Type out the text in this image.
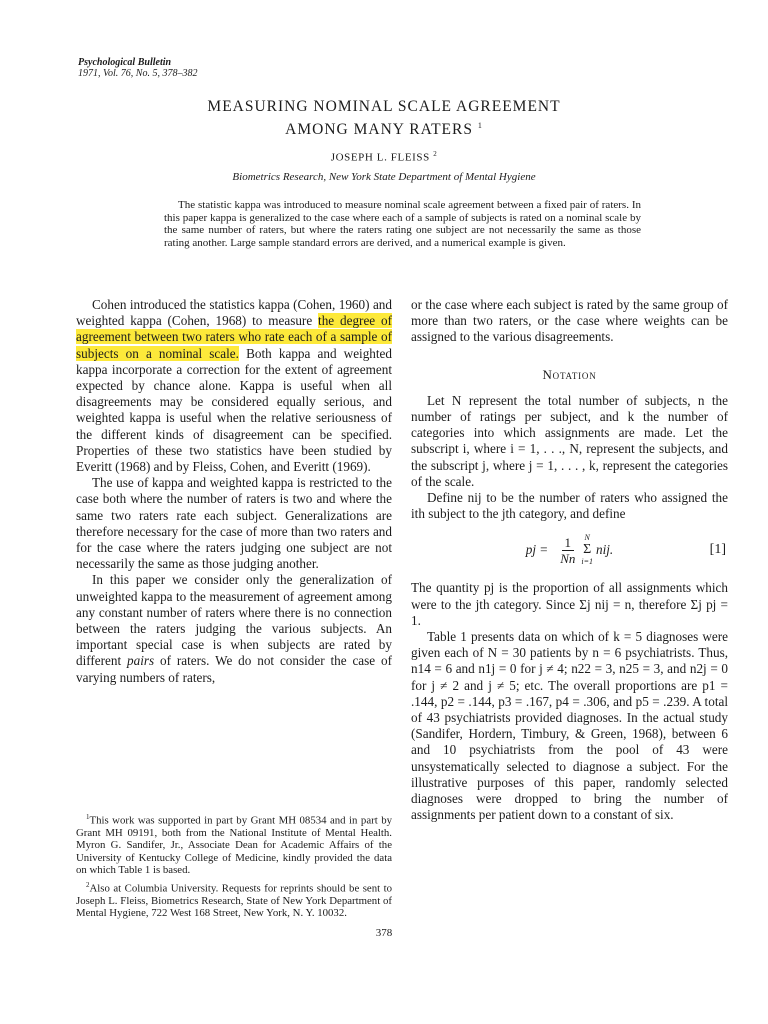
Psychological Bulletin
1971, Vol. 76, No. 5, 378–382
MEASURING NOMINAL SCALE AGREEMENT
AMONG MANY RATERS $^1$
JOSEPH L. FLEISS $^2$
Biometrics Research, New York State Department of Mental Hygiene

The statistic kappa was introduced to measure nominal scale agreement between a fixed pair of raters. In this paper kappa is generalized to the case where each of a sample of subjects is rated on a nominal scale by the same number of raters, but where the raters rating one subject are not necessarily the same as those rating another. Large sample standard errors are derived, and a numerical example is given.

Cohen introduced the statistics kappa (Cohen, 1960) and weighted kappa (Cohen, 1968) to measure the degree of agreement between two raters who rate each of a sample of subjects on a nominal scale. Both kappa and weighted kappa incorporate a correction for the extent of agreement expected by chance alone. Kappa is useful when all disagreements may be considered equally serious, and weighted kappa is useful when the relative seriousness of the different kinds of disagreement can be specified. Properties of these two statistics have been studied by Everitt (1968) and by Fleiss, Cohen, and Everitt (1969).

The use of kappa and weighted kappa is restricted to the case both where the number of raters is two and where the same two raters rate each subject. Generalizations are therefore necessary for the case of more than two raters and for the case where the raters judging one subject are not necessarily the same as those judging another.

In this paper we consider only the generalization of unweighted kappa to the measurement of agreement among any constant number of raters where there is no connection between the raters judging the various subjects. An important special case is when subjects are rated by different pairs of raters. We do not consider the case of varying numbers of raters,

$^1$This work was supported in part by Grant MH 08534 and in part by Grant MH 09191, both from the National Institute of Mental Health. Myron G. Sandifer, Jr., Associate Dean for Academic Affairs of the University of Kentucky College of Medicine, kindly provided the data on which Table 1 is based.

$^2$Also at Columbia University. Requests for reprints should be sent to Joseph L. Fleiss, Biometrics Research, State of New York Department of Mental Hygiene, 722 West 168 Street, New York, N. Y. 10032.

or the case where each subject is rated by the same group of more than two raters, or the case where weights can be assigned to the various disagreements.

Notation

Let N represent the total number of subjects, n the number of ratings per subject, and k the number of categories into which assignments are made. Let the subscript i, where i = 1, . . ., N, represent the subjects, and the subscript j, where j = 1, . . . , k, represent the categories of the scale.

Define nij to be the number of raters who assigned the ith subject to the jth category, and define

pj = $\frac{1}{Nn}$ N
Σ
i=1
nij.	[1]

The quantity pj is the proportion of all assignments which were to the jth category. Since Σj nij = n, therefore Σj pj = 1.

Table 1 presents data on which of k = 5 diagnoses were given each of N = 30 patients by n = 6 psychiatrists. Thus, n14 = 6 and n1j = 0 for j ≠ 4; n22 = 3, n25 = 3, and n2j = 0 for j ≠ 2 and j ≠ 5; etc. The overall proportions are p1 = .144, p2 = .144, p3 = .167, p4 = .306, and p5 = .239. A total of 43 psychiatrists provided diagnoses. In the actual study (Sandifer, Hordern, Timbury, & Green, 1968), between 6 and 10 psychiatrists from the pool of 43 were unsystematically selected to diagnose a subject. For the illustrative purposes of this paper, randomly selected diagnoses were dropped to bring the number of assignments per patient down to a constant of six.

378
